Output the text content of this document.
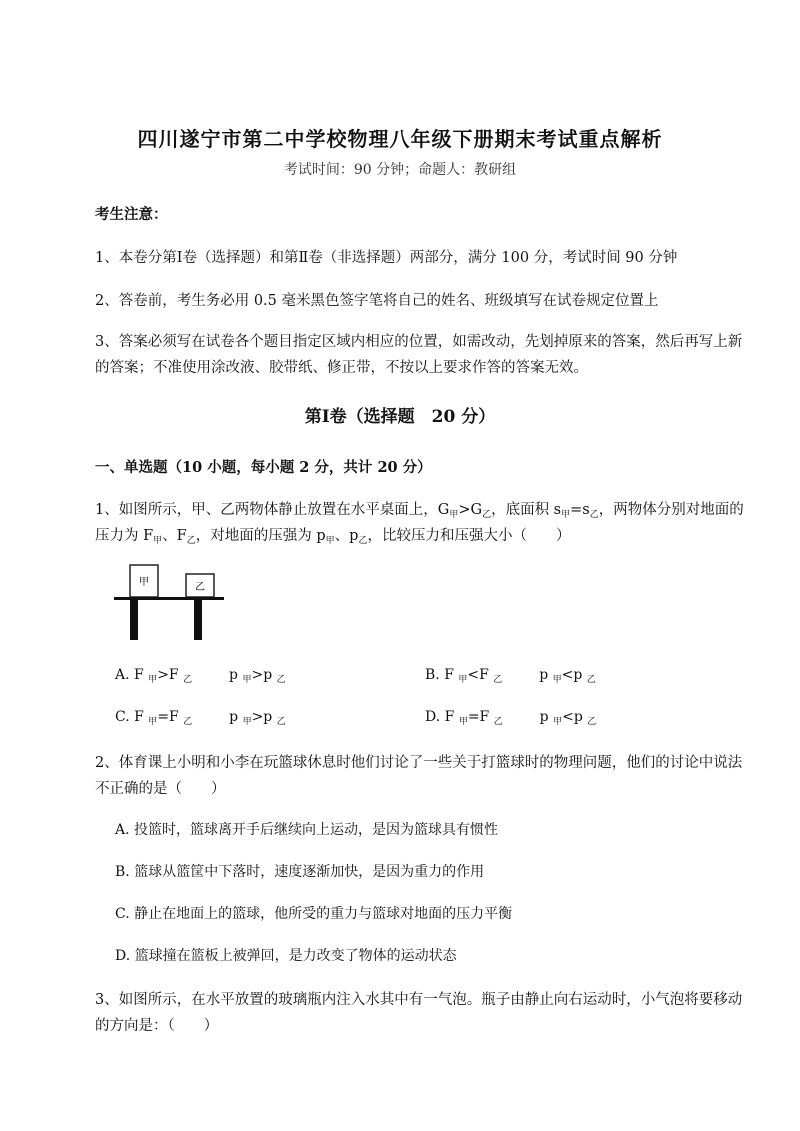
四川遂宁市第二中学校物理八年级下册期末考试重点解析
考试时间：90 分钟；命题人：教研组
考生注意：
1、本卷分第Ⅰ卷（选择题）和第Ⅱ卷（非选择题）两部分，满分 100 分，考试时间 90 分钟
2、答卷前，考生务必用 0.5 毫米黑色签字笔将自己的姓名、班级填写在试卷规定位置上
3、答案必须写在试卷各个题目指定区域内相应的位置，如需改动，先划掉原来的答案，然后再写上新
的答案；不准使用涂改液、胶带纸、修正带，不按以上要求作答的答案无效。
第Ⅰ卷（选择题　20 分）
一、单选题（10 小题，每小题 2 分，共计 20 分）
1、如图所示，甲、乙两物体静止放置在水平桌面上，$G_甲>G_乙$，底面积 $s_甲=s_乙$，两物体分别对地面的
压力为 $F_甲$、$F_乙$，对地面的压强为 $p_甲$、$p_乙$，比较压力和压强大小（　　）
甲	乙
A. F $_甲$>F $_乙$	p $_甲$>p $_乙$	B. F $_甲$<F $_乙$	p $_甲$<p $_乙$
C. F $_甲$=F $_乙$	p $_甲$>p $_乙$	D. F $_甲$=F $_乙$	p $_甲$<p $_乙$
2、体育课上小明和小李在玩篮球休息时他们讨论了一些关于打篮球时的物理问题，他们的讨论中说法
不正确的是（　　）
A. 投篮时，篮球离开手后继续向上运动，是因为篮球具有惯性
B. 篮球从篮筐中下落时，速度逐渐加快，是因为重力的作用
C. 静止在地面上的篮球，他所受的重力与篮球对地面的压力平衡
D. 篮球撞在篮板上被弹回，是力改变了物体的运动状态
3、如图所示，在水平放置的玻璃瓶内注入水其中有一气泡。瓶子由静止向右运动时，小气泡将要移动
的方向是：（　　）
